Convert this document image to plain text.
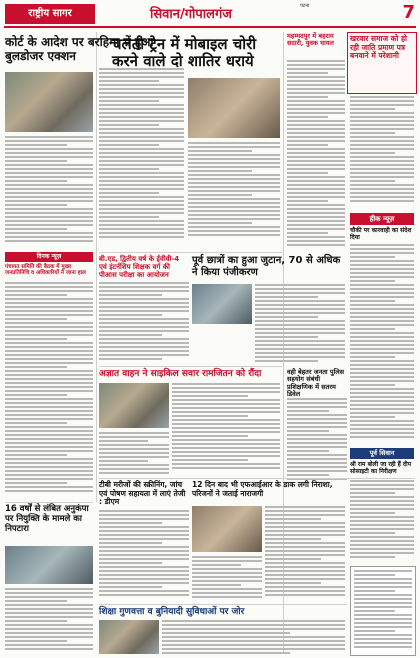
राष्ट्रीय सागर	सिवान/गोपालगंज
पटना	7
कोर्ट के आदेश पर बरहिमा में हुआ बुलडोजर एक्शन
चलती ट्रेन में मोबाइल चोरी करने वाले दो शातिर धराये
महम्मदपुर में बहराम सदारी, युवक घायल
खरवार समाज को हो रही जाति प्रमाण पत्र बनवाने में परेशानी
हीक न्यूज़
चौकी पर कारवाही का संदेश दिया
बी.एड, द्वितीय वर्ष के ईवीवी-4 एवं इंटर्नशिप शिक्षक वर्ग की पीआस परीक्षा का आयोजन
पूर्व छात्रों का हुआ जुटान, 70 से अधिक ने किया पंजीकरण
दिनक न्यूज़
पंचायत समिति की बैठक में मुख्य जनप्रतिनिधि व अधिकारियों ने जाना हाल
अज्ञात वाहन ने साइकिल सवार रामजितन को रौंदा	वही बेहतर जनता पुलिस सहयोग संबंधी प्रशिक्षणिक में सतरम डिवेल
टीबी मरीजों की स्क्रीनिंग, जांच एवं पोषण सहायता में लाएं तेजी : डीएम
12 दिन बाद भी एफआईआर के डाक लगी निराशा, परिजनों ने जताई नाराजगी
16 वर्षों से लंबित अनुकंपा पर नियुक्ति के मामले का निपटारा
शिक्षा गुणवत्ता व बुनियादी सुविधाओं पर जोर
पूर्व सिवान
श्री राम बोली जा रही हैं दीप सोसाइटी का निरीक्षण
